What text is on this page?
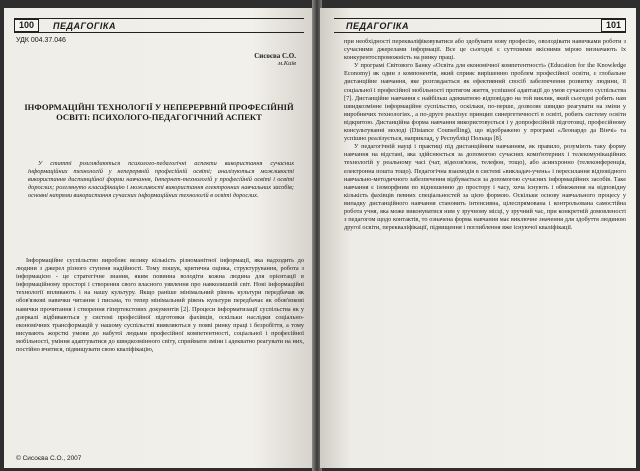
100	ПЕДАГОГІКА
УДК 004.37.046
Сисоєва С.О.
м.Київ
ІНФОРМАЦІЙНІ ТЕХНОЛОГІЇ У НЕПЕРЕРВНІЙ ПРОФЕСІЙНІЙ ОСВІТІ: ПСИХОЛОГО-ПЕДАГОГІЧНИЙ АСПЕКТ

У статті розглядаються психолого-педагогічні аспекти використання сучасних інформаційних технологій у неперервній професійній освіті; аналізуються можливості використання дистанційної форми навчання, Інтернет-технологій у професійній освіті і освіті дорослих; розглянуто класифікацію і можливості використання електронних навчальних засобів; основні напрями використання сучасних інформаційних технологій в освіті дорослих.

Інформаційне суспільство виробляє велику кількість різноманітної інформації, яка надходить до людини з джерел різного ступеня надійності. Тому пошук, критична оцінка, структурування, робота з інформацією - це стратегічне знання, яким повинна володіти кожна людина для орієнтації в інформаційному просторі і створення свого власного уявлення про навколишній світ. Нові інформаційні технології впливають і на нашу культуру. Якщо раніше мінімальний рівень культури передбачав як обов'язкові навички читання і письма, то тепер мінімальний рівень культури передбачає як обов'язкові навички прочитання і створення гіпертекстових документів [2]. Процеси інформатизації суспільства як у дзеркалі відбиваються у системі професійної підготовки фахівців, оскільки наслідки соціально-економічних трансформацій у нашому суспільстві виявляються у появі ринку праці і безробіття, а тому висувають жорсткі умови до набутої людьми професійної компетентності, соціальної і професійної мобільності, уміння адаптуватися до швидкозмінного світу, сприймати зміни і адекватно реагувати на них, постійно вчитися, підвищувати свою кваліфікацію,

© Сисоєва С.О., 2007
ПЕДАГОГІКА	101

при необхідності перекваліфіковуватися або здобувати нову професію, оволодівати навичками роботи з сучасними джерелами інформації. Все це сьогодні є суттєвими якісними мірою визначають їх конкурентоспроможність на ринку праці.

У програмі Світового Банку «Освіта для економічної компетентності» (Education for the Knowledge Economy) як один з компонентів, який сприяє вирішенню проблем професійної освіти, є глобальне дистанційне навчання, яке розглядається як ефективний спосіб забезпечення розвитку людини, її соціальної і професійної мобільності протягом життя, успішної адаптації до умов сучасного суспільства [7]. Дистанційне навчання є найбільш адекватною відповіддю на той виклик, який сьогодні робить нам швидкозмінне інформаційне суспільство, оскільки, по-перше, дозволяє швидко реагувати на зміни у виробничих технологіях., а по-друге реалізує принцип синергетичності в освіті, робить систему освіти відкритою. Дистанційна форма навчання використовується і у допрофесійній підготовці, професійному консультуванні молоді (Distance Counselling), що відображено у програмі «Леонардо да Вінчі» та успішно реалізується, наприклад, у Республіці Польща [8].

У педагогічній науці і практиці під дистанційним навчанням, як правило, розуміють таку форму навчання на відстані, яка здійснюється за допомогою сучасних комп'ютерних і телекомунікаційних технологій у реальному часі (чат, відеозв'язок, телефон, тощо), або асинхронно (телеконференція, електронна пошта тощо). Педагогічна взаємодія в системі «викладач-учень» і пересилання відповідного навчально-методичного забезпечення відбувається за допомогою сучасних інформаційних засобів. Таке навчання є ізоморфним по відношенню до простору і часу, хоча існують і обмеження на відповідну кількість фахівців певних спеціальностей за цією формою. Оскільки основу навчального процесу у випадку дистанційного навчання становить інтенсивна, цілеспрямована і контрольована самостійна робота учня, яка може виконуватися ним у зручному місці, у зручний час, при конкретній домовленості з педагогом щодо контактів, то означена форма навчання має виключне значення для здобуття людиною другої освіти, перекваліфікації, підвищення і поглиблення вже існуючої кваліфікації.
